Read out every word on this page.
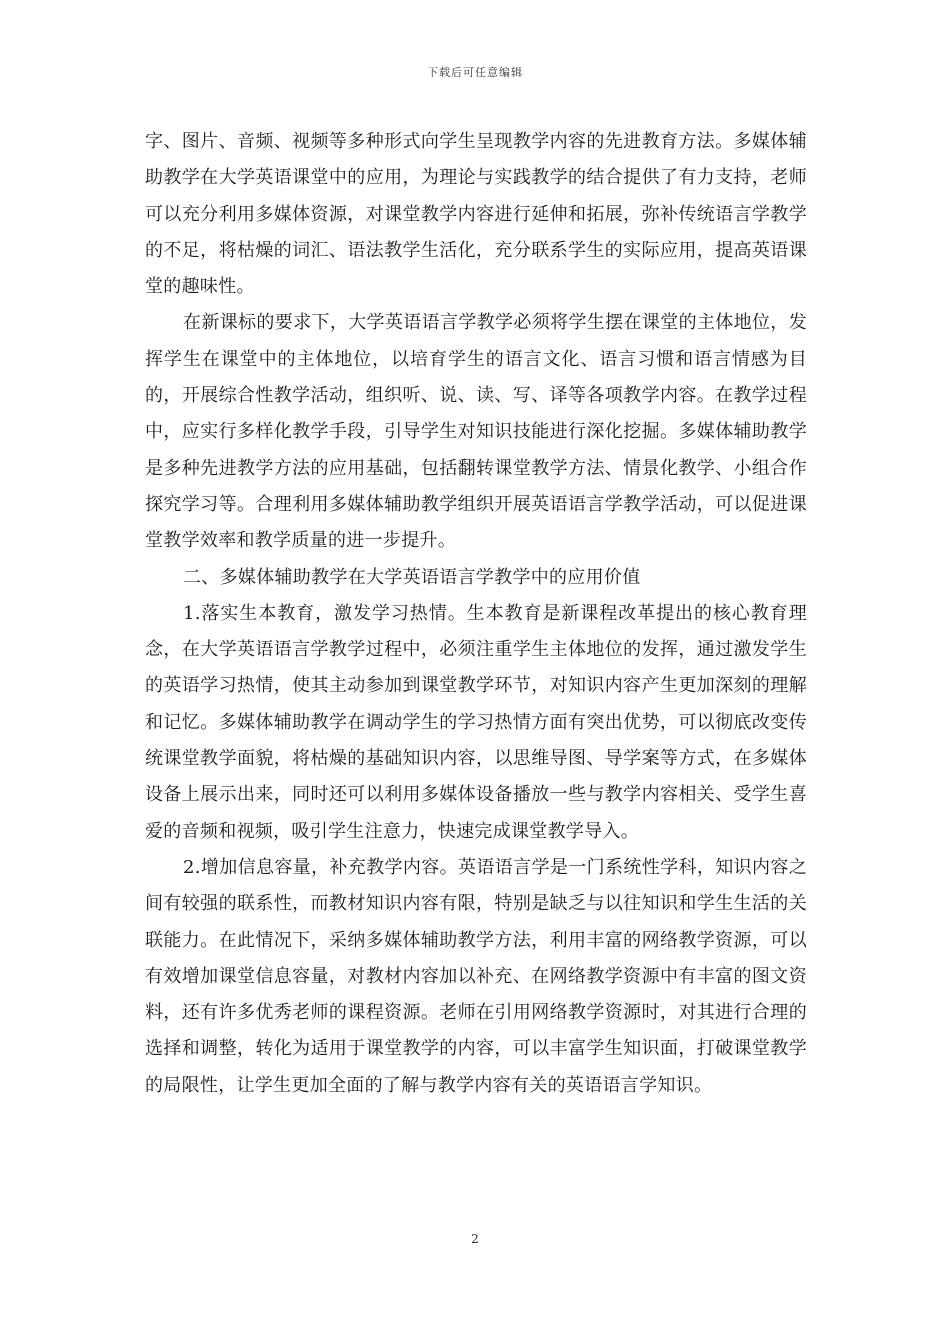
下载后可任意编辑

字、图片、音频、视频等多种形式向学生呈现教学内容的先进教育方法。多媒体辅助教学在大学英语课堂中的应用，为理论与实践教学的结合提供了有力支持，老师可以充分利用多媒体资源，对课堂教学内容进行延伸和拓展，弥补传统语言学教学的不足，将枯燥的词汇、语法教学生活化，充分联系学生的实际应用，提高英语课堂的趣味性。

在新课标的要求下，大学英语语言学教学必须将学生摆在课堂的主体地位，发挥学生在课堂中的主体地位，以培育学生的语言文化、语言习惯和语言情感为目的，开展综合性教学活动，组织听、说、读、写、译等各项教学内容。在教学过程中，应实行多样化教学手段，引导学生对知识技能进行深化挖掘。多媒体辅助教学是多种先进教学方法的应用基础，包括翻转课堂教学方法、情景化教学、小组合作探究学习等。合理利用多媒体辅助教学组织开展英语语言学教学活动，可以促进课堂教学效率和教学质量的进一步提升。

二、多媒体辅助教学在大学英语语言学教学中的应用价值

1.落实生本教育，激发学习热情。生本教育是新课程改革提出的核心教育理念，在大学英语语言学教学过程中，必须注重学生主体地位的发挥，通过激发学生的英语学习热情，使其主动参加到课堂教学环节，对知识内容产生更加深刻的理解和记忆。多媒体辅助教学在调动学生的学习热情方面有突出优势，可以彻底改变传统课堂教学面貌，将枯燥的基础知识内容，以思维导图、导学案等方式，在多媒体设备上展示出来，同时还可以利用多媒体设备播放一些与教学内容相关、受学生喜爱的音频和视频，吸引学生注意力，快速完成课堂教学导入。

2.增加信息容量，补充教学内容。英语语言学是一门系统性学科，知识内容之间有较强的联系性，而教材知识内容有限，特别是缺乏与以往知识和学生生活的关联能力。在此情况下，采纳多媒体辅助教学方法，利用丰富的网络教学资源，可以有效增加课堂信息容量，对教材内容加以补充、在网络教学资源中有丰富的图文资料，还有许多优秀老师的课程资源。老师在引用网络教学资源时，对其进行合理的选择和调整，转化为适用于课堂教学的内容，可以丰富学生知识面，打破课堂教学的局限性，让学生更加全面的了解与教学内容有关的英语语言学知识。

2
